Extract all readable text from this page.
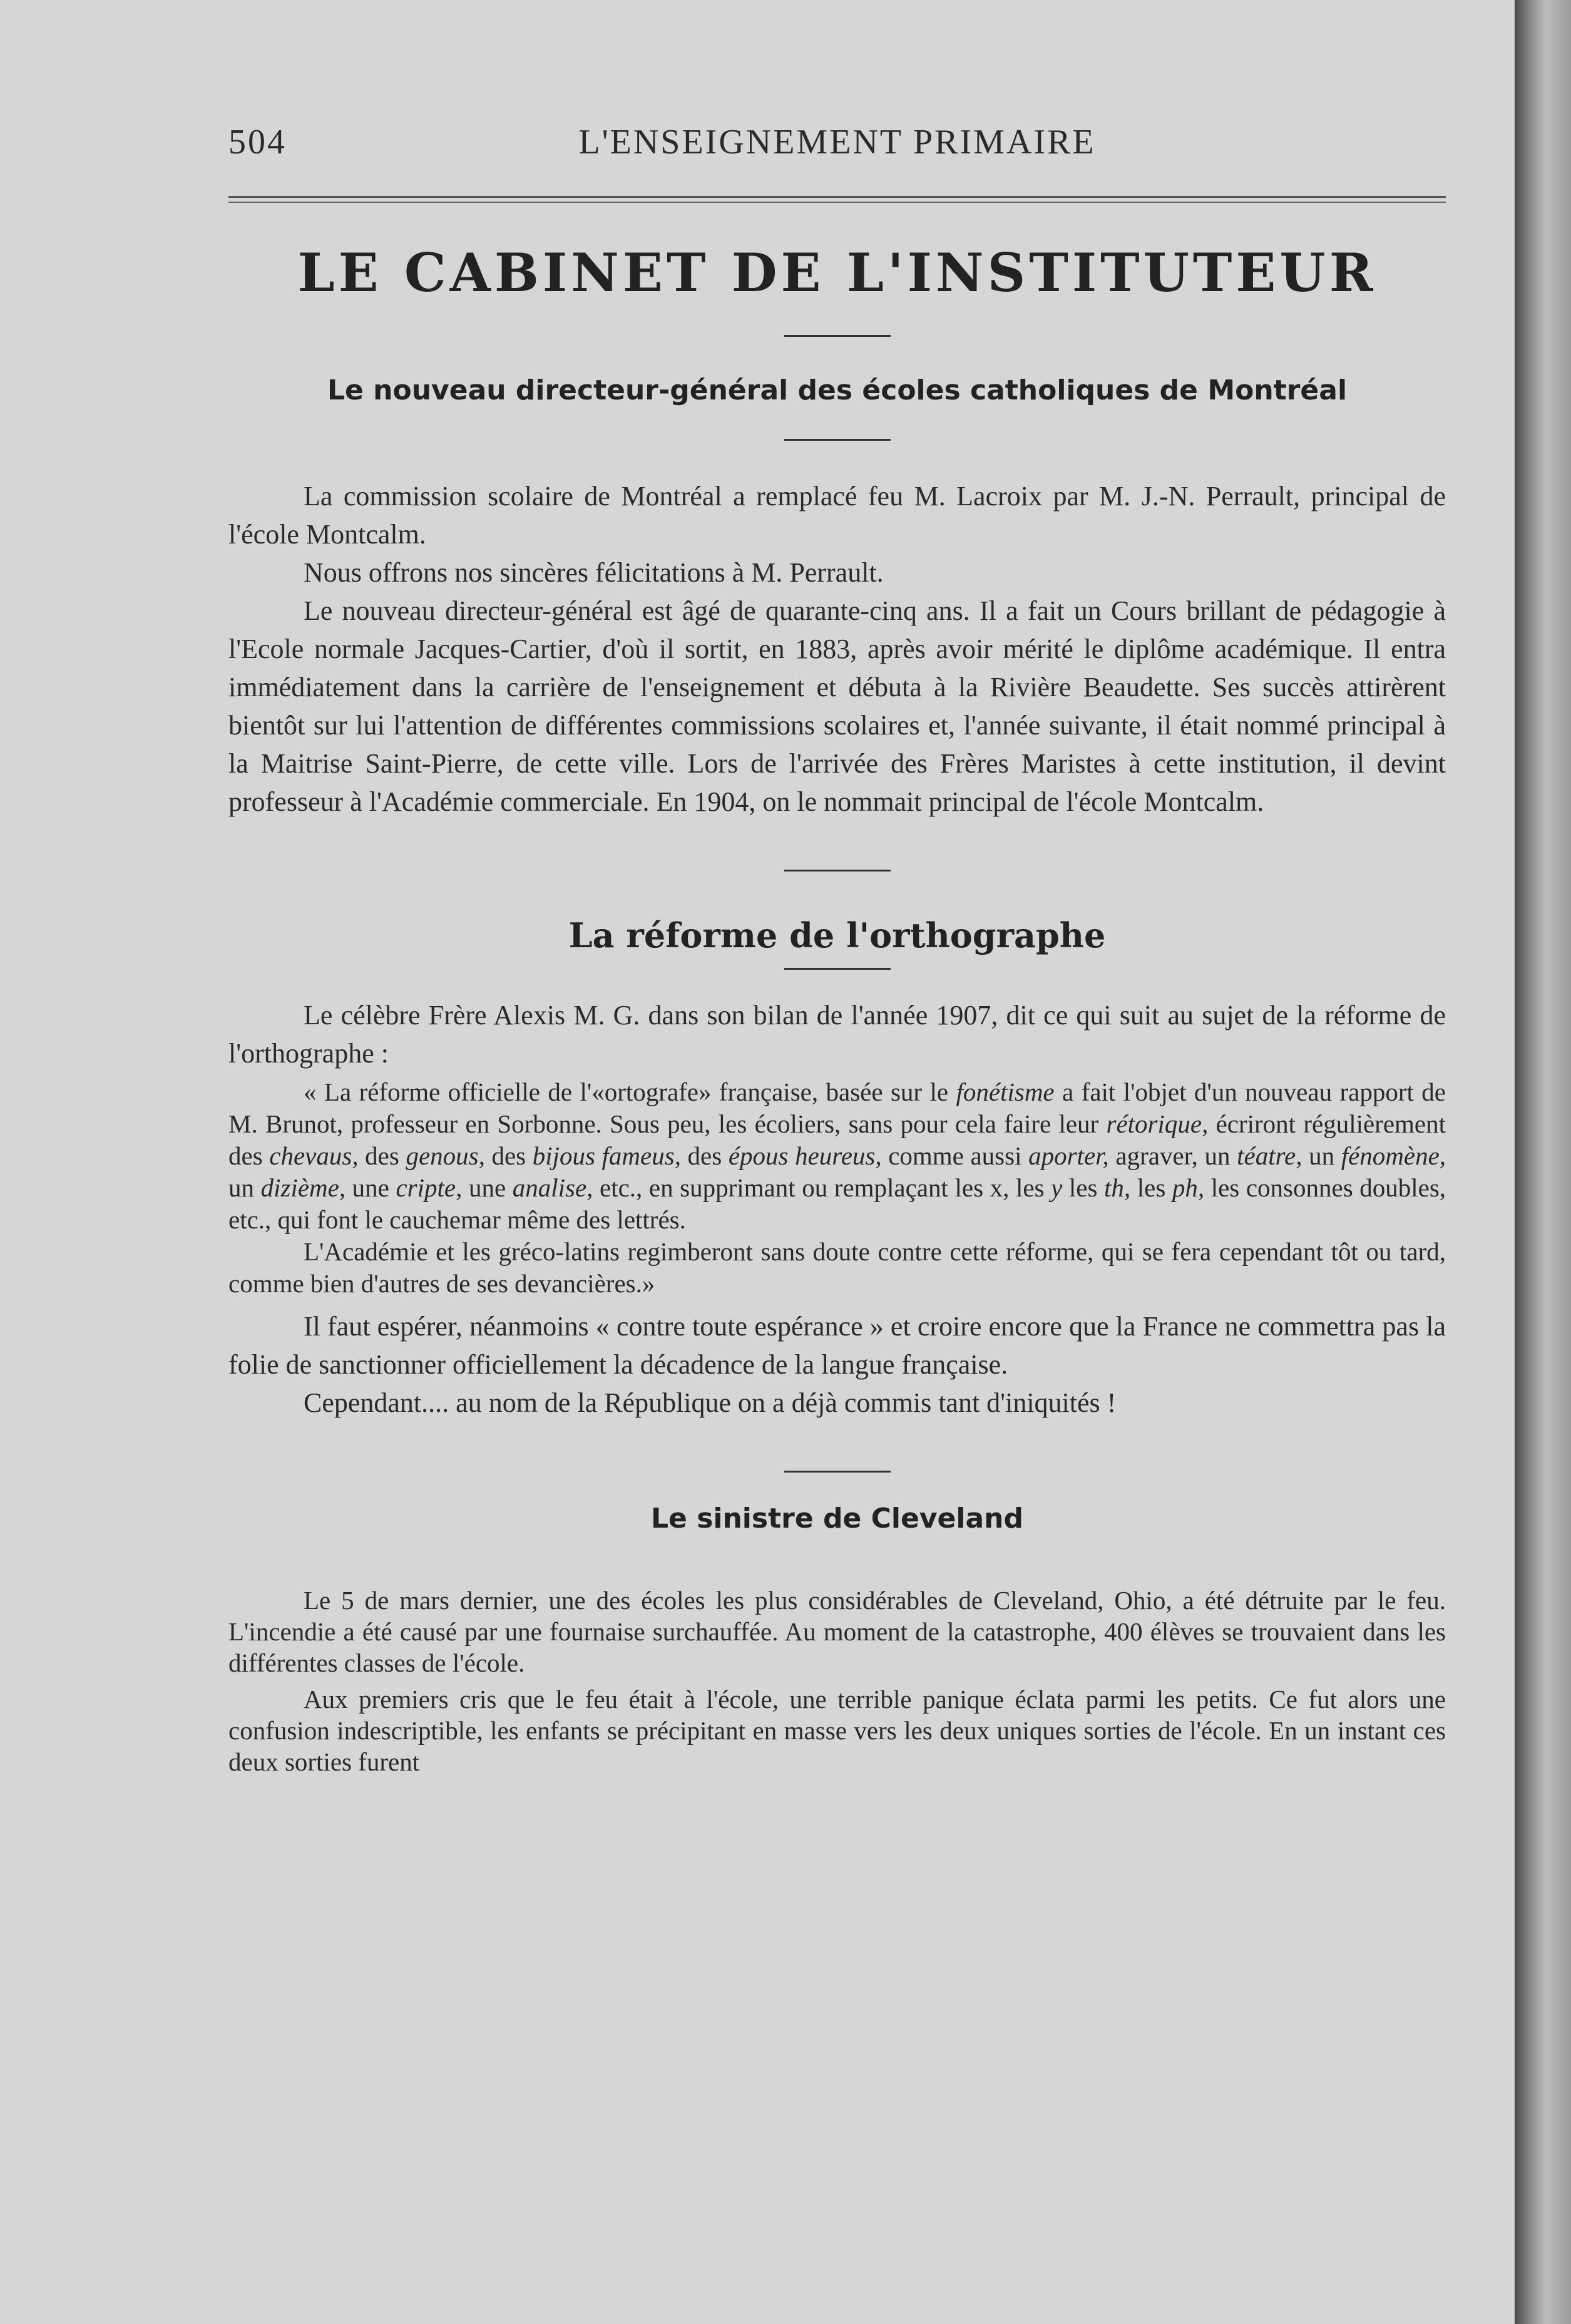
504	L'ENSEIGNEMENT PRIMAIRE
LE CABINET DE L'INSTITUTEUR
Le nouveau directeur-général des écoles catholiques de Montréal

La commission scolaire de Montréal a remplacé feu M. Lacroix par M. J.-N. Perrault, principal de l'école Montcalm.

Nous offrons nos sincères félicitations à M. Perrault.

Le nouveau directeur-général est âgé de quarante-cinq ans. Il a fait un Cours brillant de pédagogie à l'Ecole normale Jacques-Cartier, d'où il sortit, en 1883, après avoir mérité le diplôme académique. Il entra immédiatement dans la carrière de l'enseignement et débuta à la Rivière Beaudette. Ses succès attirèrent bientôt sur lui l'attention de différentes commissions scolaires et, l'année suivante, il était nommé principal à la Maitrise Saint-Pierre, de cette ville. Lors de l'arrivée des Frères Maristes à cette institution, il devint professeur à l'Académie commerciale. En 1904, on le nommait principal de l'école Montcalm.

La réforme de l'orthographe

Le célèbre Frère Alexis M. G. dans son bilan de l'année 1907, dit ce qui suit au sujet de la réforme de l'orthographe :

« La réforme officielle de l'«ortografe» française, basée sur le fonétisme a fait l'objet d'un nouveau rapport de M. Brunot, professeur en Sorbonne. Sous peu, les écoliers, sans pour cela faire leur rétorique, écriront régulièrement des chevaus, des genous, des bijous fameus, des épous heureus, comme aussi aporter, agraver, un téatre, un fénomène, un dizième, une cripte, une analise, etc., en supprimant ou remplaçant les x, les y les th, les ph, les consonnes doubles, etc., qui font le cauchemar même des lettrés.

L'Académie et les gréco-latins regimberont sans doute contre cette réforme, qui se fera cependant tôt ou tard, comme bien d'autres de ses devancières.»

Il faut espérer, néanmoins « contre toute espérance » et croire encore que la France ne commettra pas la folie de sanctionner officiellement la décadence de la langue française.

Cependant.... au nom de la République on a déjà commis tant d'iniquités !

Le sinistre de Cleveland

Le 5 de mars dernier, une des écoles les plus considérables de Cleveland, Ohio, a été détruite par le feu. L'incendie a été causé par une fournaise surchauffée. Au moment de la catastrophe, 400 élèves se trouvaient dans les différentes classes de l'école.

Aux premiers cris que le feu était à l'école, une terrible panique éclata parmi les petits. Ce fut alors une confusion indescriptible, les enfants se précipitant en masse vers les deux uniques sorties de l'école. En un instant ces deux sorties furent
